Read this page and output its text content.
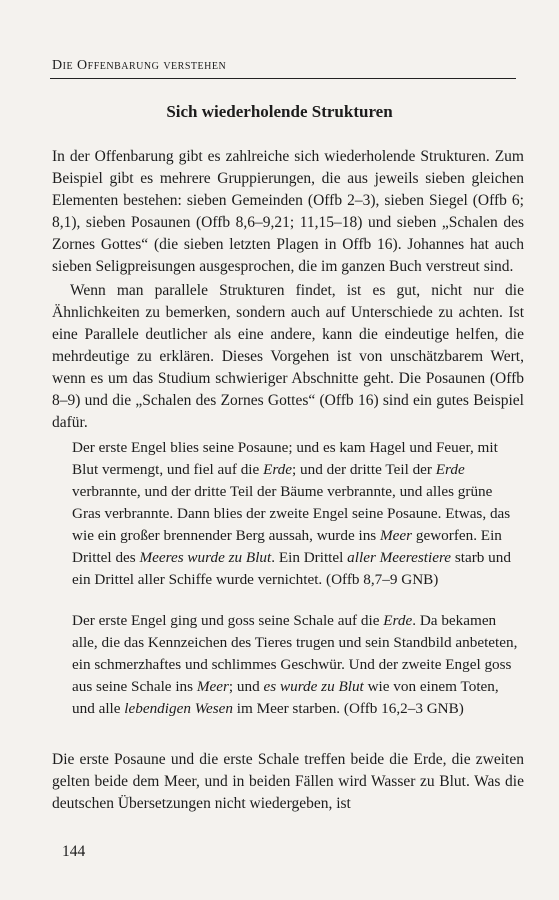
Die Offenbarung verstehen
Sich wiederholende Strukturen

In der Offenbarung gibt es zahlreiche sich wiederholende Strukturen. Zum Beispiel gibt es mehrere Gruppierungen, die aus jeweils sieben gleichen Elementen bestehen: sieben Gemeinden (Offb 2–3), sieben Siegel (Offb 6; 8,1), sieben Posaunen (Offb 8,6–9,21; 11,15–18) und sieben „Schalen des Zornes Gottes“ (die sieben letzten Plagen in Offb 16). Johannes hat auch sieben Seligpreisungen ausgesprochen, die im ganzen Buch verstreut sind.

Wenn man parallele Strukturen findet, ist es gut, nicht nur die Ähnlichkeiten zu bemerken, sondern auch auf Unterschiede zu achten. Ist eine Parallele deutlicher als eine andere, kann die eindeutige helfen, die mehrdeutige zu erklären. Dieses Vorgehen ist von unschätzbarem Wert, wenn es um das Studium schwieriger Abschnitte geht. Die Posaunen (Offb 8–9) und die „Schalen des Zornes Gottes“ (Offb 16) sind ein gutes Beispiel dafür.

Der erste Engel blies seine Posaune; und es kam Hagel und Feuer, mit Blut vermengt, und fiel auf die Erde; und der dritte Teil der Erde verbrannte, und der dritte Teil der Bäume verbrannte, und alles grüne Gras verbrannte. Dann blies der zweite Engel seine Posaune. Etwas, das wie ein großer brennender Berg aussah, wurde ins Meer geworfen. Ein Drittel des Meeres wurde zu Blut. Ein Drittel aller Meerestiere starb und ein Drittel aller Schiffe wurde vernichtet. (Offb 8,7–9 GNB)

Der erste Engel ging und goss seine Schale auf die Erde. Da bekamen alle, die das Kennzeichen des Tieres trugen und sein Standbild anbeteten, ein schmerzhaftes und schlimmes Geschwür. Und der zweite Engel goss aus seine Schale ins Meer; und es wurde zu Blut wie von einem Toten, und alle lebendigen Wesen im Meer starben. (Offb 16,2–3 GNB)

Die erste Posaune und die erste Schale treffen beide die Erde, die zweiten gelten beide dem Meer, und in beiden Fällen wird Wasser zu Blut. Was die deutschen Übersetzungen nicht wiedergeben, ist

144
